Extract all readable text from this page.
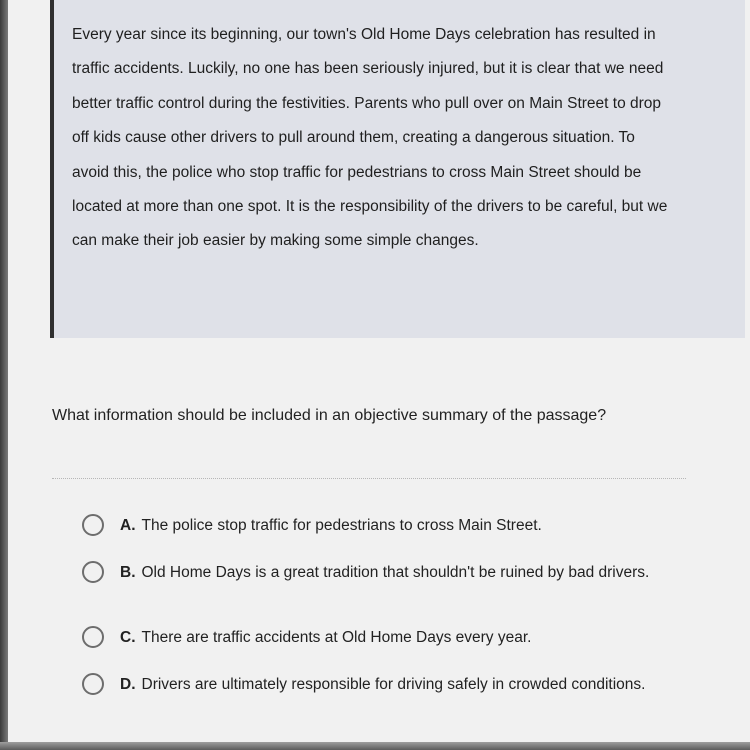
Every year since its beginning, our town's Old Home Days celebration has resulted in traffic accidents. Luckily, no one has been seriously injured, but it is clear that we need better traffic control during the festivities. Parents who pull over on Main Street to drop off kids cause other drivers to pull around them, creating a dangerous situation. To avoid this, the police who stop traffic for pedestrians to cross Main Street should be located at more than one spot. It is the responsibility of the drivers to be careful, but we can make their job easier by making some simple changes.

What information should be included in an objective summary of the passage?

A. The police stop traffic for pedestrians to cross Main Street.

B. Old Home Days is a great tradition that shouldn't be ruined by bad drivers.

C. There are traffic accidents at Old Home Days every year.

D. Drivers are ultimately responsible for driving safely in crowded conditions.
